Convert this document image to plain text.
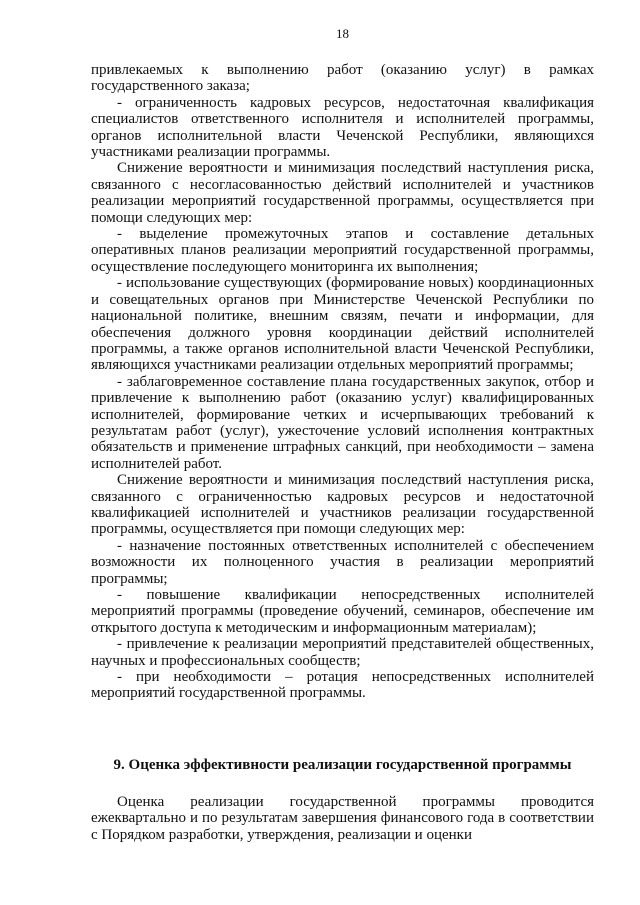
18

привлекаемых к выполнению работ (оказанию услуг) в рамках государственного заказа;

- ограниченность кадровых ресурсов, недостаточная квалификация специалистов ответственного исполнителя и исполнителей программы, органов исполнительной власти Чеченской Республики, являющихся участниками реализации программы.

Снижение вероятности и минимизация последствий наступления риска, связанного с несогласованностью действий исполнителей и участников реализации мероприятий государственной программы, осуществляется при помощи следующих мер:

- выделение промежуточных этапов и составление детальных оперативных планов реализации мероприятий государственной программы, осуществление последующего мониторинга их выполнения;

- использование существующих (формирование новых) координационных и совещательных органов при Министерстве Чеченской Республики по национальной политике, внешним связям, печати и информации, для обеспечения должного уровня координации действий исполнителей программы, а также органов исполнительной власти Чеченской Республики, являющихся участниками реализации отдельных мероприятий программы;

- заблаговременное составление плана государственных закупок, отбор и привлечение к выполнению работ (оказанию услуг) квалифицированных исполнителей, формирование четких и исчерпывающих требований к результатам работ (услуг), ужесточение условий исполнения контрактных обязательств и применение штрафных санкций, при необходимости – замена исполнителей работ.

Снижение вероятности и минимизация последствий наступления риска, связанного с ограниченностью кадровых ресурсов и недостаточной квалификацией исполнителей и участников реализации государственной программы, осуществляется при помощи следующих мер:

- назначение постоянных ответственных исполнителей с обеспечением возможности их полноценного участия в реализации мероприятий программы;

- повышение квалификации непосредственных исполнителей мероприятий программы (проведение обучений, семинаров, обеспечение им открытого доступа к методическим и информационным материалам);

- привлечение к реализации мероприятий представителей общественных, научных и профессиональных сообществ;

- при необходимости – ротация непосредственных исполнителей мероприятий государственной программы.

9. Оценка эффективности реализации государственной программы

Оценка реализации государственной программы проводится ежеквартально и по результатам завершения финансового года в соответствии с Порядком разработки, утверждения, реализации и оценки
